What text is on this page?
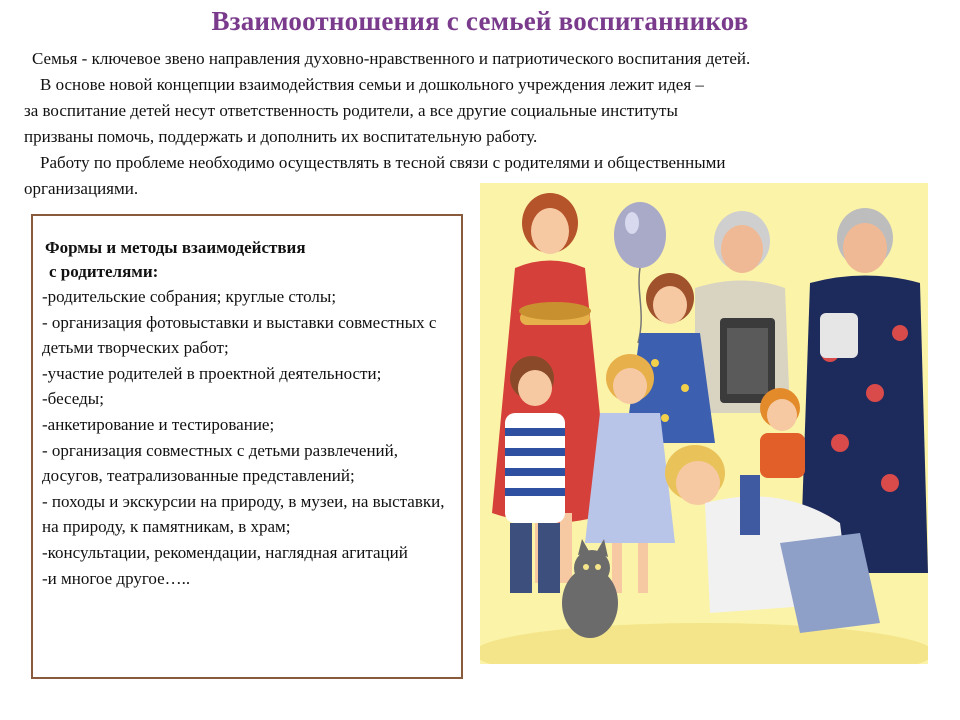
Взаимоотношения с семьей воспитанников

Семья - ключевое звено направления духовно-нравственного и патриотического воспитания детей.

В основе новой концепции взаимодействия семьи и дошкольного учреждения лежит идея –

за воспитание детей несут ответственность родители, а все другие социальные институты

призваны помочь, поддержать и дополнить их воспитательную работу.

Работу по проблеме необходимо осуществлять в тесной связи с родителями и общественными

организациями.

Формы и методы взаимодействия
с родителями:
-родительские собрания; круглые столы;
- организация фотовыставки и выставки совместных с детьми творческих работ;
-участие родителей в проектной деятельности;
-беседы;
-анкетирование и тестирование;
- организация совместных с детьми развлечений, досугов, театрализованные представлений;
- походы и экскурсии на природу, в музеи, на выставки, на природу, к памятникам, в храм;
-консультации, рекомендации, наглядная агитаций
-и многое другое…..
